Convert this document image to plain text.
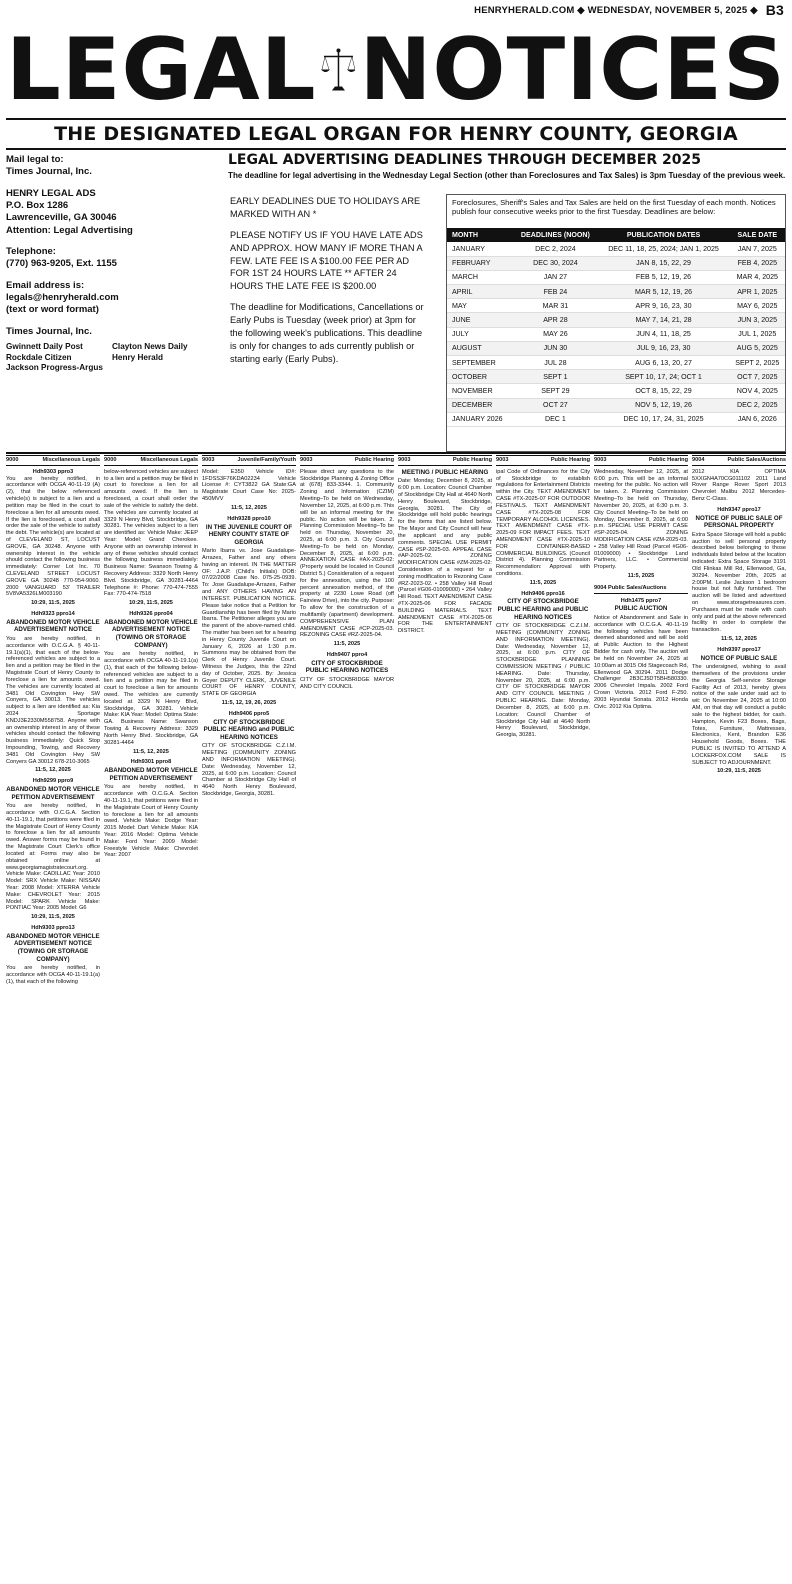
HENRYHERALD.COM ◆ WEDNESDAY, NOVEMBER 5, 2025 ◆ B3
LEGAL NOTICES
THE DESIGNATED LEGAL ORGAN FOR HENRY COUNTY, GEORGIA
Mail legal to:
Times Journal, Inc.
HENRY LEGAL ADS
P.O. Box 1286
Lawrenceville, GA 30046
Attention: Legal Advertising
Telephone:
(770) 963-9205, Ext. 1155
Email address is:
legals@henryherald.com
(text or word format)
Times Journal, Inc.
Gwinnett Daily Post	Clayton News Daily
Rockdale Citizen	Henry Herald
Jackson Progress-Argus
LEGAL ADVERTISING DEADLINES THROUGH DECEMBER 2025
The deadline for legal advertising in the Wednesday Legal Section (other than Foreclosures and Tax Sales) is 3pm Tuesday of the previous week.

EARLY DEADLINES DUE TO HOLIDAYS ARE MARKED WITH AN *

PLEASE NOTIFY US IF YOU HAVE LATE ADS AND APPROX. HOW MANY IF MORE THAN A FEW. LATE FEE IS A $100.00 FEE PER AD FOR 1ST 24 HOURS LATE ** AFTER 24 HOURS THE LATE FEE IS $200.00

The deadline for Modifications, Cancellations or Early Pubs is Tuesday (week prior) at 3pm for the following week's publications. This deadline is only for changes to ads currently publish or starting early (Early Pubs).

Foreclosures, Sheriff's Sales and Tax Sales are held on the first Tuesday of each month. Notices publish four consecutive weeks prior to the first Tuesday. Deadlines are below:
MONTH	DEADLINES (NOON)	PUBLICATION DATES	SALE DATE
JANUARY	DEC 2, 2024	DEC 11, 18, 25, 2024; JAN 1, 2025	JAN 7, 2025
FEBRUARY	DEC 30, 2024	JAN 8, 15, 22, 29	FEB 4, 2025
MARCH	JAN 27	FEB 5, 12, 19, 26	MAR 4, 2025
APRIL	FEB 24	MAR 5, 12, 19, 26	APR 1, 2025
MAY	MAR 31	APR 9, 16, 23, 30	MAY 6, 2025
JUNE	APR 28	MAY 7, 14, 21, 28	JUN 3, 2025
JULY	MAY 26	JUN 4, 11, 18, 25	JUL 1, 2025
AUGUST	JUN 30	JUL 9, 16, 23, 30	AUG 5, 2025
SEPTEMBER	JUL 28	AUG 6, 13, 20, 27	SEPT 2, 2025
OCTOBER	SEPT 1	SEPT 10, 17, 24; OCT 1	OCT 7, 2025
NOVEMBER	SEPT 29	OCT 8, 15, 22, 29	NOV 4, 2025
DECEMBER	OCT 27	NOV 5, 12, 19, 26	DEC 2, 2025
JANUARY 2026	DEC 1	DEC 10, 17, 24, 31, 2025	JAN 6, 2026
9000	Miscellaneous Legals
Hdh9303 ppro3
You are hereby notified, in accordance with OCGA 40-11-19 (A) (2), that the below referenced vehicle(s) is subject to a lien and a petition may be filed in the court to foreclose a lien for all amounts owed. If the lien is foreclosed, a court shall order the sale of the vehicle to satisfy the debt. The vehicle(s) are located at of CLEVELAND ST, LOCUST GROVE, GA 30248. Anyone with ownership interest in the vehicle should contact the following business immediately: Corner Lot Inc. 70 CLEVELAND STREET LOCUST GROVE GA 30248 770-954-9060. 2000 VANGUARD 53' TRAILER 5V8VA5326LM003190
10:29, 11:5, 2025
Hdh9323 ppro14
ABANDONED MOTOR VEHICLE ADVERTISEMENT NOTICE
You are hereby notified, in accordance with O.C.G.A. § 40-11-19.1(a)(1), that each of the below-referenced vehicles are subject to a lien and a petition may be filed in the Magistrate Court of Henry County to foreclose a lien for amounts owed. The vehicles are currently located at 3481 Old Covington Hwy SW Conyers, GA 30013. The vehicles subject to a lien are identified as: Kia 2024 Sportage KNDJ3E2330M558758. Anyone with an ownership interest in any of these vehicles should contact the following business immediately: Quick Stop Impounding, Towing, and Recovery 3481 Old Covington Hwy SW Conyers GA 30012 678-210-3065
11:5, 12, 2025
Hdh9299 ppro9
ABANDONED MOTOR VEHICLE PETITION ADVERTISEMENT
You are hereby notified, in accordance with O.C.G.A. Section 40-11-19.1, that petitions were filed in the Magistrate Court of Henry County to foreclose a lien for all amounts owed. Answer forms may be found in the Magistrate Court Clerk's office located at: Forms may also be obtained online at www.georgiamagistratecourt.org. Vehicle Make: CADILLAC Year: 2010 Model: SRX Vehicle Make: NISSAN Year: 2008 Model: XTERRA Vehicle Make: CHEVROLET Year: 2015 Model: SPARK Vehicle Make: PONTIAC Year: 2005 Model: G6
10:29, 11:5, 2025
Hdh9303 ppro13
ABANDONED MOTOR VEHICLE ADVERTISEMENT NOTICE (TOWING OR STORAGE COMPANY)
You are hereby notified, in accordance with OCGA 40-11-19.1(a)(1), that each of the following
9000	Miscellaneous Legals
below-referenced vehicles are subject to a lien and a petition may be filed in court to foreclose a lien for all amounts owed. If the lien is foreclosed, a court shall order the sale of the vehicle to satisfy the debt. The vehicles are currently located at 3329 N Henry Blvd, Stockbridge, GA 30281. The vehicles subject to a lien are identified as: Vehicle Make: JEEP Year: Model: Grand Cherokee. Anyone with an ownership interest in any of these vehicles should contact the following business immediately: Business Name: Swanson Towing & Recovery Address: 3329 North Henry Blvd. Stockbridge, GA 30281-4464 Telephone #: Phone: 770-474-7555 Fax: 770-474-7518
10:29, 11:5, 2025
Hdh9326 ppro04
ABANDONED MOTOR VEHICLE ADVERTISEMENT NOTICE (TOWING OR STORAGE COMPANY)
You are hereby notified, in accordance with OCGA 40-11-19.1(a)(1), that each of the following below-referenced vehicles are subject to a lien and a petition may be filed in court to foreclose a lien for amounts owed. The vehicles are currently located at 3329 N Henry Blvd, Stockbridge, GA 30281. Vehicle Make: KIA Year: Model: Optima State: GA. Business Name: Swanson Towing & Recovery Address: 3329 North Henry Blvd. Stockbridge, GA 30281-4464
11:5, 12, 2025
Hdh9301 ppro8
ABANDONED MOTOR VEHICLE PETITION ADVERTISEMENT
You are hereby notified, in accordance with O.C.G.A. Section 40-11-19.1, that petitions were filed in the Magistrate Court of Henry County to foreclose a lien for all amounts owed. Vehicle Make: Dodge Year: 2015 Model: Dart Vehicle Make: KIA Year: 2016 Model: Optima Vehicle Make: Ford Year: 2009 Model: Freestyle Vehicle Make: Chevrolet Year: 2007
9003	Juvenile/Family/Youth
Model: E350 Vehicle ID#: 1FDSS3F76KDA02234 Vehicle License #: CYT3822 GA State:GA Magistrate Court Case No: 2025-450MVV
11:5, 12, 2025
Hdh9328 ppro10
IN THE JUVENILE COURT OF HENRY COUNTY STATE OF GEORGIA
Mario Ibarra vs. Jose Guadalupe-Arrazes, Father and any others having an interest. IN THE MATTER OF: J.A.P. (Child's Initials) DOB: 07/22/2008 Case No. 075-25-0939. To: Jose Guadalupe-Arrazes, Father and ANY OTHERS HAVING AN INTEREST. PUBLICATION NOTICE. Please take notice that a Petition for Guardianship has been filed by Mario Ibarra. The Petitioner alleges you are the parent of the above-named child. The matter has been set for a hearing in Henry County Juvenile Court on January 6, 2026 at 1:30 p.m. Summons may be obtained from the Clerk of Henry Juvenile Court. Witness the Judges, this the 22nd day of October, 2025. By: Jessica Goyer DEPUTY CLERK, JUVENILE COURT OF HENRY COUNTY, STATE OF GEORGIA
11:5, 12, 19, 26, 2025
Hdh9406 ppro5
CITY OF STOCKBRIDGE PUBLIC HEARING and PUBLIC HEARING NOTICES
CITY OF STOCKBRIDGE C.Z.I.M. MEETING (COMMUNITY ZONING AND INFORMATION MEETING). Date: Wednesday, November 12, 2025, at 6:00 p.m. Location: Council Chamber at Stockbridge City Hall of 4640 North Henry Boulevard, Stockbridge, Georgia, 30281.
9003	Public Hearing
Please direct any questions to the Stockbridge Planning & Zoning Office at (678) 833-3344. 1. Community Zoning and Information (CZIM) Meeting–To be held on Wednesday, November 12, 2025, at 6:00 p.m. This will be an informal meeting for the public. No action will be taken. 2. Planning Commission Meeting–To be held on Thursday, November 20, 2025, at 6:00 p.m. 3. City Council Meeting–To be held on Monday, December 8, 2025, at 6:00 p.m. ANNEXATION CASE #AX-2025-02: (Property would be located in Council District 5.) Consideration of a request for the annexation, using the 100 percent annexation method, of the property at 2230 Lowe Road (off Fairview Drive), into the city. Purpose: To allow for the construction of a multifamily (apartment) development. COMPREHENSIVE PLAN AMENDMENT CASE #CP-2025-03. REZONING CASE #RZ-2025-04.
11:5, 2025
Hdh9407 ppro4
CITY OF STOCKBRIDGE PUBLIC HEARING NOTICES
CITY OF STOCKBRIDGE MAYOR AND CITY COUNCIL
9003	Public Hearing
MEETING / PUBLIC HEARING
Date: Monday, December 8, 2025, at 6:00 p.m. Location: Council Chamber of Stockbridge City Hall at 4640 North Henry Boulevard, Stockbridge, Georgia, 30281. The City of Stockbridge will hold public hearings for the items that are listed below. The Mayor and City Council will hear the applicant and any public comments. SPECIAL USE PERMIT CASE #SP-2025-03. APPEAL CASE #AP-2025-02. ZONING MODIFICATION CASE #ZM-2025-02: Consideration of a request for a zoning modification to Rezoning Case #RZ-2023-02. • 258 Valley Hill Road (Parcel #G06-01009000) • 264 Valley Hill Road. TEXT AMENDMENT CASE #TX-2025-06 FOR FACADE BUILDING MATERIALS. TEXT AMENDMENT CASE #TX-2025-06 FOR THE ENTERTAINMENT DISTRICT.
9003	Public Hearing
ipal Code of Ordinances for the City of Stockbridge to establish regulations for Entertainment Districts within the City. TEXT AMENDMENT CASE #TX-2025-07 FOR OUTDOOR FESTIVALS. TEXT AMENDMENT CASE #TX-2025-08 FOR TEMPORARY ALCOHOL LICENSES. TEXT AMENDMENT CASE #TX-2025-09 FOR IMPACT FEES. TEXT AMENDMENT CASE #TX-2025-10 FOR CONTAINER-BASED COMMERCIAL BUILDINGS. (Council District 4). Planning Commission Recommendation: Approval with conditions.
11:5, 2025
Hdh9406 ppro16
CITY OF STOCKBRIDGE PUBLIC HEARING and PUBLIC HEARING NOTICES
CITY OF STOCKBRIDGE C.Z.I.M. MEETING (COMMUNITY ZONING AND INFORMATION MEETING). Date: Wednesday, November 12, 2025, at 6:00 p.m. CITY OF STOCKBRIDGE PLANNING COMMISSION MEETING / PUBLIC HEARING. Date: Thursday, November 20, 2025, at 6:00 p.m. CITY OF STOCKBRIDGE MAYOR AND CITY COUNCIL MEETING / PUBLIC HEARING. Date: Monday, December 8, 2025, at 6:00 p.m. Location: Council Chamber of Stockbridge City Hall at 4640 North Henry Boulevard, Stockbridge, Georgia, 30281.
9003	Public Hearing
Wednesday, November 12, 2025, at 6:00 p.m. This will be an informal meeting for the public. No action will be taken. 2. Planning Commission Meeting–To be held on Thursday, November 20, 2025, at 6:30 p.m. 3. City Council Meeting–To be held on Monday, December 8, 2025, at 6:00 p.m. SPECIAL USE PERMIT CASE #SP-2025-04. ZONING MODIFICATION CASE #ZM-2025-03. • 258 Valley Hill Road (Parcel #G06-01009000) • Stockbridge Land Partners, LLC. • Commercial Property.
11:5, 2025
9004 Public Sales/Auctions
Hdh1475 ppro7
PUBLIC AUCTION
Notice of Abandonment and Sale in accordance with O.C.G.A. 40-11-19 the following vehicles have been deemed abandoned and will be sold at Public Auction to the Highest Bidder for cash only. The auction will be held on November 24, 2025 at 10:00am at 3015 Old Stagecoach Rd, Ellenwood GA 30294. 2011 Dodge Challenger 2B3CJ5DT5BH580330. 2006 Chevrolet Impala. 2002 Ford Crown Victoria. 2012 Ford F-250. 2003 Hyundai Sonata. 2012 Honda Civic. 2012 Kia Optima.
9004	Public Sales/Auctions
2012 KIA OPTIMA 5XXGN4A70CG011102 2011 Land Rover Range Rover Sport 2013 Chevrolet Malibu 2012 Mercedes-Benz C-Class.
Hdh9347 ppro17
NOTICE OF PUBLIC SALE OF PERSONAL PROPERTY
Extra Space Storage will hold a public auction to sell personal property described below belonging to those individuals listed below at the location indicated: Extra Space Storage 3191 Old Flinkas Mill Rd, Ellenwood, Ga, 30294. November 20th, 2025 at 2:00PM. Leslie Jackson 1 bedroom house but not fully furnished. The auction will be listed and advertised on www.storagetreasures.com. Purchases must be made with cash only and paid at the above referenced facility in order to complete the transaction.
11:5, 12, 2025
Hdh9397 ppro17
NOTICE OF PUBLIC SALE
The undersigned, wishing to avail themselves of the provisions under the Georgia Self-service Storage Facility Act of 2013, hereby gives notice of the sale under said act to wit: On November 24, 2025 at 10:00 AM, on that day will conduct a public sale to the highest bidder, for cash. Hampton, Kevin F23 Boxes, Bags, Totes, Furniture, Mattresses, Electronics, Kent, Brandon E36 Household Goods, Boxes. THE PUBLIC IS INVITED TO ATTEND A LOCKERFOX.COM SALE IS SUBJECT TO ADJOURNMENT.
10:29, 11:5, 2025
